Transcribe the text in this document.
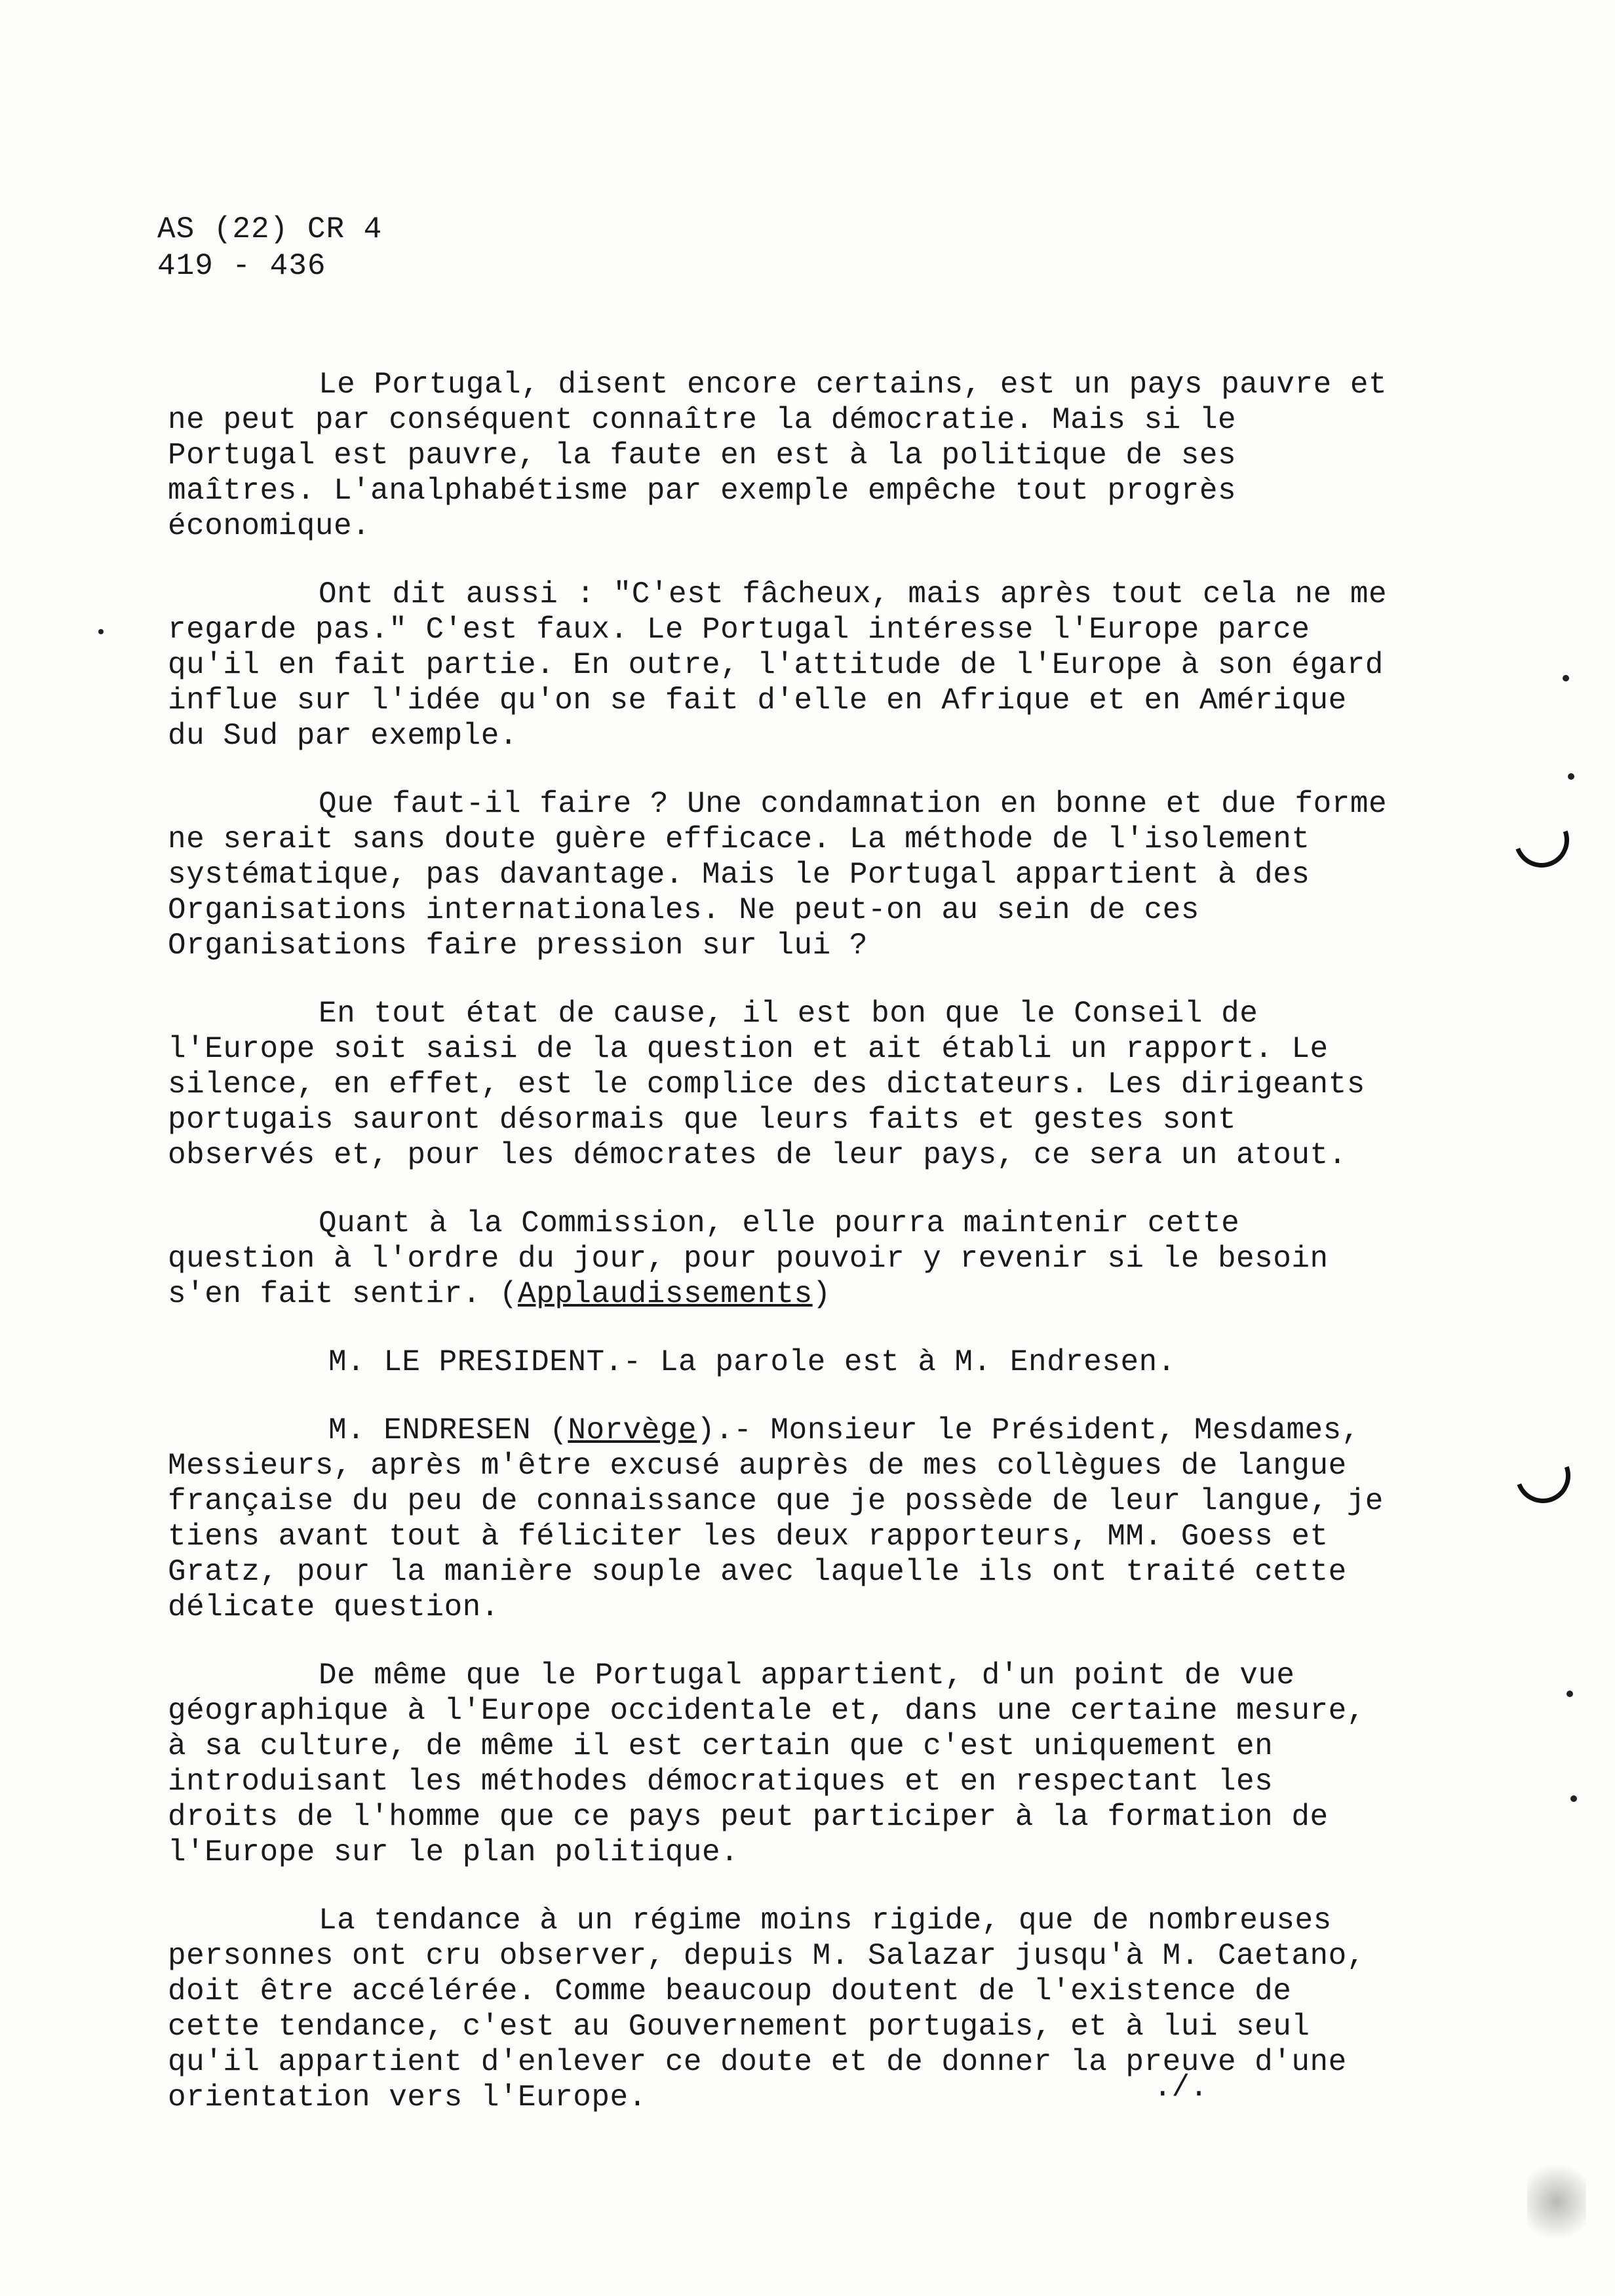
AS (22) CR 4
419 - 436

Le Portugal, disent encore certains, est un pays pauvre et ne peut par conséquent connaître la démocratie. Mais si le Portugal est pauvre, la faute en est à la politique de ses maîtres. L'analphabétisme par exemple empêche tout progrès économique.

Ont dit aussi : "C'est fâcheux, mais après tout cela ne me regarde pas." C'est faux. Le Portugal intéresse l'Europe parce qu'il en fait partie. En outre, l'attitude de l'Europe à son égard influe sur l'idée qu'on se fait d'elle en Afrique et en Amérique du Sud par exemple.

Que faut-il faire ? Une condamnation en bonne et due forme ne serait sans doute guère efficace. La méthode de l'isolement systématique, pas davantage. Mais le Portugal appartient à des Organisations internationales. Ne peut-on au sein de ces Organisations faire pression sur lui ?

En tout état de cause, il est bon que le Conseil de l'Europe soit saisi de la question et ait établi un rapport. Le silence, en effet, est le complice des dictateurs. Les dirigeants portugais sauront désormais que leurs faits et gestes sont observés et, pour les démocrates de leur pays, ce sera un atout.

Quant à la Commission, elle pourra maintenir cette question à l'ordre du jour, pour pouvoir y revenir si le besoin s'en fait sentir. (Applaudissements)

M. LE PRESIDENT.- La parole est à M. Endresen.

M. ENDRESEN (Norvège).- Monsieur le Président, Mesdames, Messieurs, après m'être excusé auprès de mes collègues de langue française du peu de connaissance que je possède de leur langue, je tiens avant tout à féliciter les deux rapporteurs, MM. Goess et Gratz, pour la manière souple avec laquelle ils ont traité cette délicate question.

De même que le Portugal appartient, d'un point de vue géographique à l'Europe occidentale et, dans une certaine mesure, à sa culture, de même il est certain que c'est uniquement en introduisant les méthodes démocratiques et en respectant les droits de l'homme que ce pays peut participer à la formation de l'Europe sur le plan politique.

La tendance à un régime moins rigide, que de nombreuses personnes ont cru observer, depuis M. Salazar jusqu'à M. Caetano, doit être accélérée. Comme beaucoup doutent de l'existence de cette tendance, c'est au Gouvernement portugais, et à lui seul qu'il appartient d'enlever ce doute et de donner la preuve d'une orientation vers l'Europe.	./.
